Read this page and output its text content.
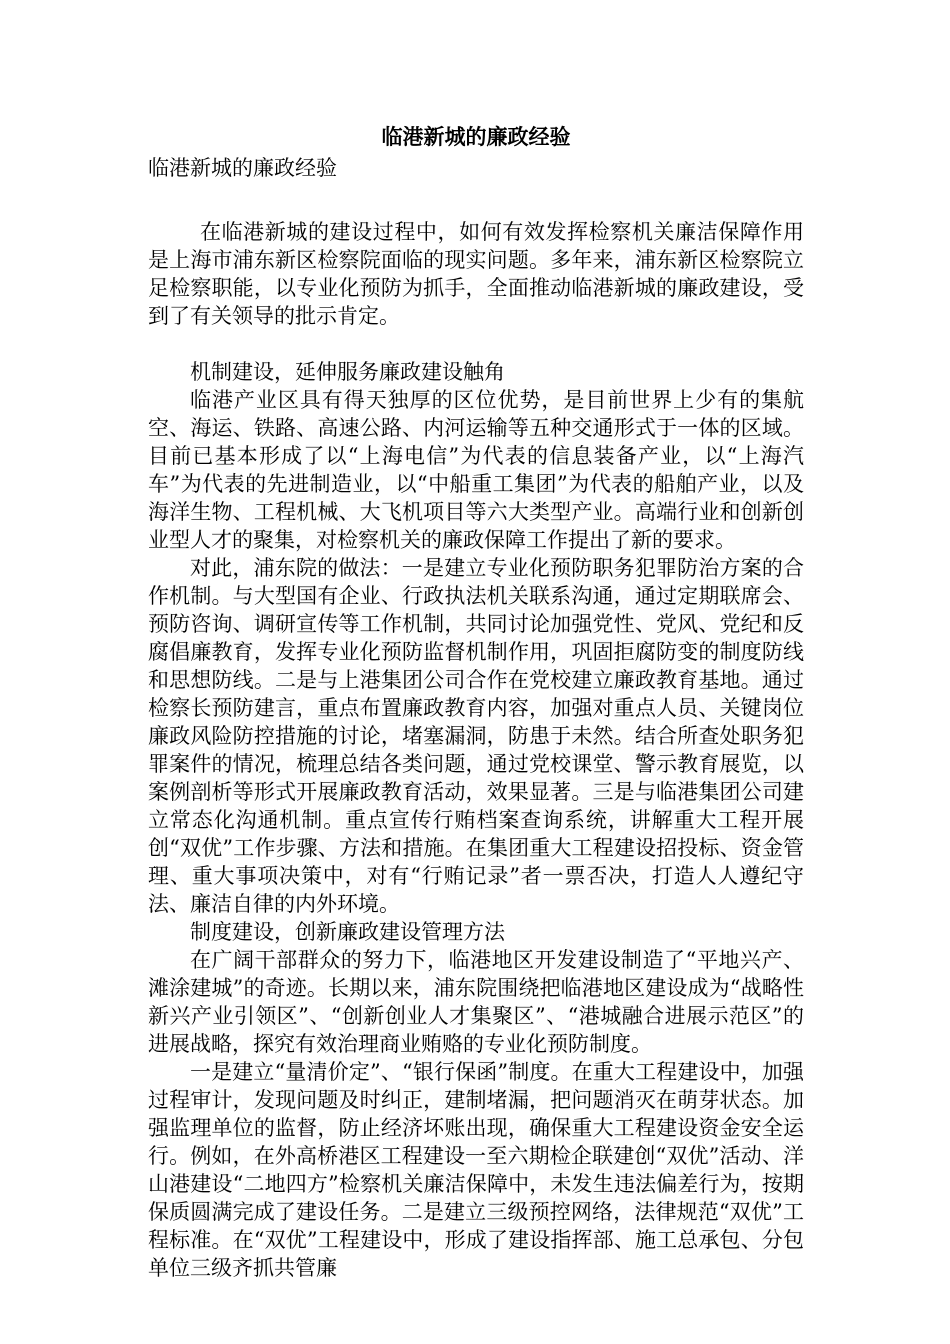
临港新城的廉政经验

临港新城的廉政经验

在临港新城的建设过程中，如何有效发挥检察机关廉洁保障作用是上海市浦东新区检察院面临的现实问题。多年来，浦东新区检察院立足检察职能，以专业化预防为抓手，全面推动临港新城的廉政建设，受到了有关领导的批示肯定。

机制建设，延伸服务廉政建设触角

临港产业区具有得天独厚的区位优势，是目前世界上少有的集航空、海运、铁路、高速公路、内河运输等五种交通形式于一体的区域。目前已基本形成了以“上海电信”为代表的信息装备产业，以“上海汽车”为代表的先进制造业，以“中船重工集团”为代表的船舶产业，以及海洋生物、工程机械、大飞机项目等六大类型产业。高端行业和创新创业型人才的聚集，对检察机关的廉政保障工作提出了新的要求。

对此，浦东院的做法：一是建立专业化预防职务犯罪防治方案的合作机制。与大型国有企业、行政执法机关联系沟通，通过定期联席会、预防咨询、调研宣传等工作机制，共同讨论加强党性、党风、党纪和反腐倡廉教育，发挥专业化预防监督机制作用，巩固拒腐防变的制度防线和思想防线。二是与上港集团公司合作在党校建立廉政教育基地。通过检察长预防建言，重点布置廉政教育内容，加强对重点人员、关键岗位廉政风险防控措施的讨论，堵塞漏洞，防患于未然。结合所查处职务犯罪案件的情况，梳理总结各类问题，通过党校课堂、警示教育展览，以案例剖析等形式开展廉政教育活动，效果显著。三是与临港集团公司建立常态化沟通机制。重点宣传行贿档案查询系统，讲解重大工程开展创“双优”工作步骤、方法和措施。在集团重大工程建设招投标、资金管理、重大事项决策中，对有“行贿记录”者一票否决，打造人人遵纪守法、廉洁自律的内外环境。

制度建设，创新廉政建设管理方法

在广阔干部群众的努力下，临港地区开发建设制造了“平地兴产、滩涂建城”的奇迹。长期以来，浦东院围绕把临港地区建设成为“战略性新兴产业引领区”、“创新创业人才集聚区”、“港城融合进展示范区”的进展战略，探究有效治理商业贿赂的专业化预防制度。

一是建立“量清价定”、“银行保函”制度。在重大工程建设中，加强过程审计，发现问题及时纠正，建制堵漏，把问题消灭在萌芽状态。加强监理单位的监督，防止经济坏账出现，确保重大工程建设资金安全运行。例如，在外高桥港区工程建设一至六期检企联建创“双优”活动、洋山港建设“二地四方”检察机关廉洁保障中，未发生违法偏差行为，按期保质圆满完成了建设任务。二是建立三级预控网络，法律规范“双优”工程标准。在“双优”工程建设中，形成了建设指挥部、施工总承包、分包单位三级齐抓共管廉
